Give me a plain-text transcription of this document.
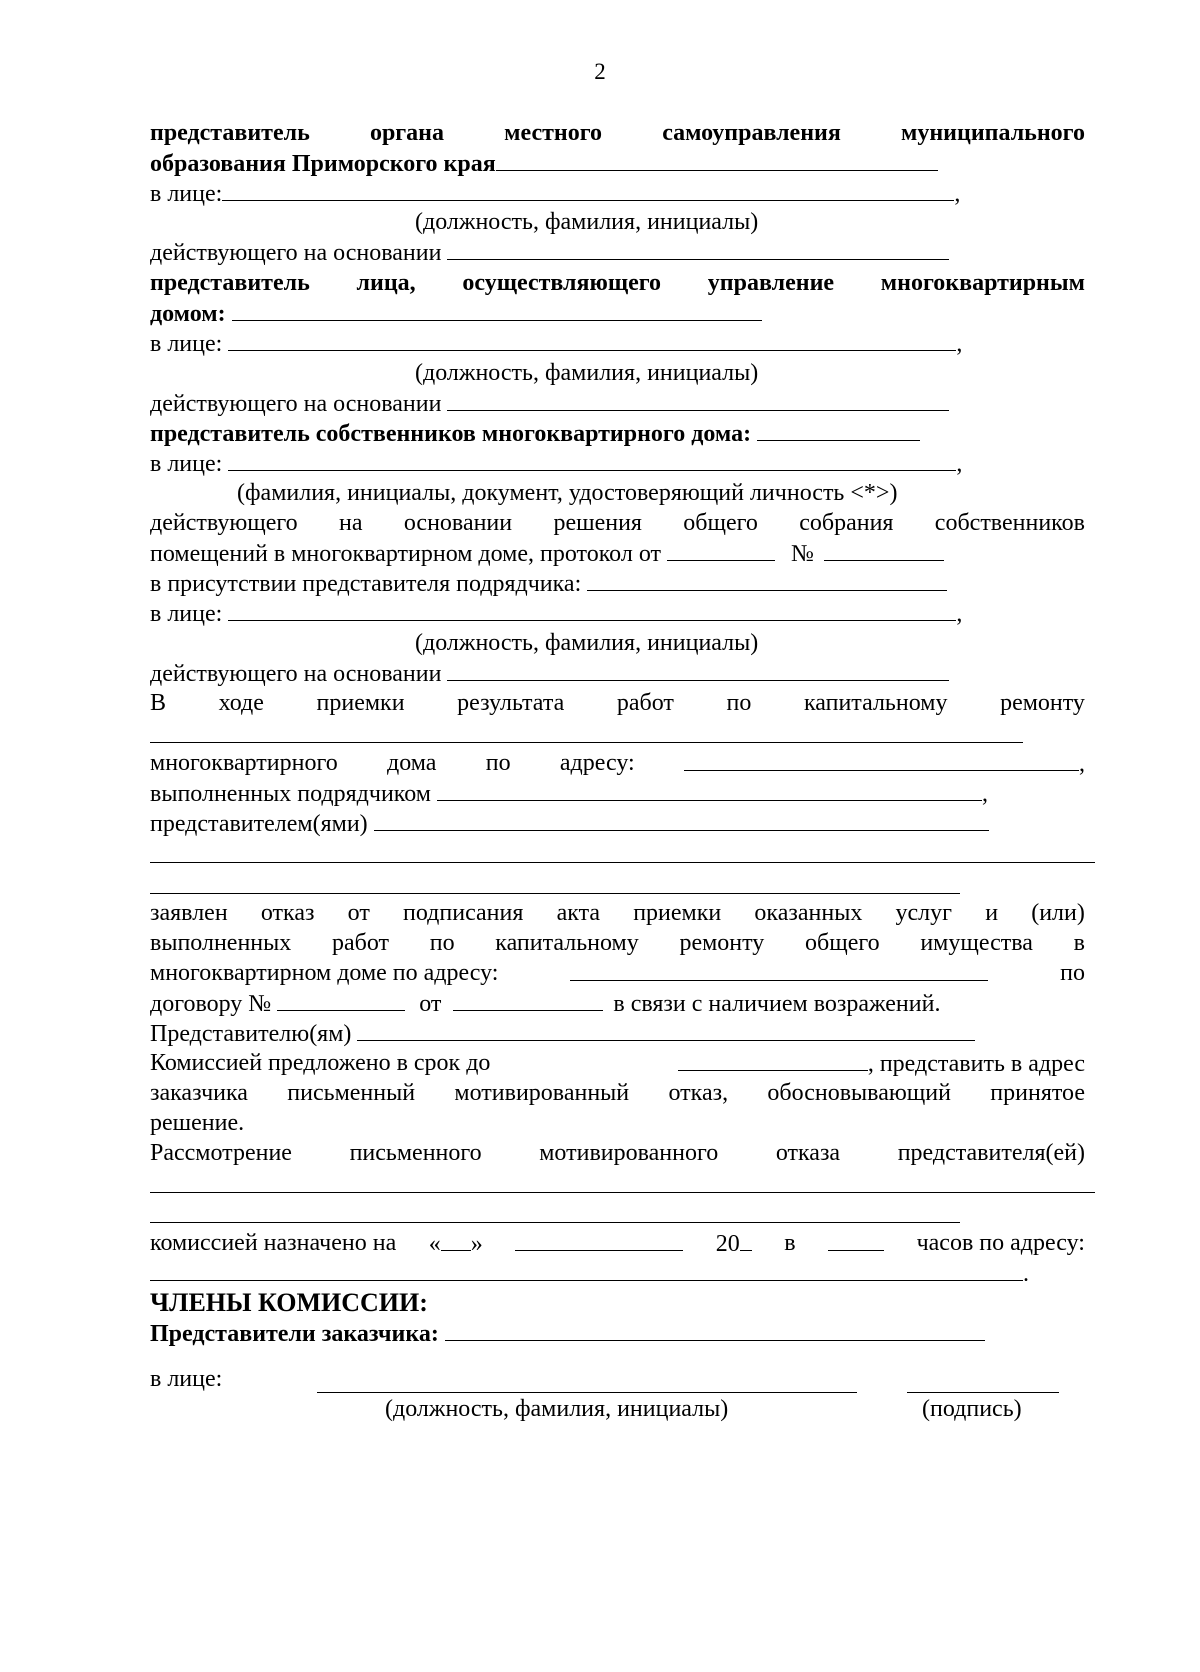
2
представитель	органа	местного	самоуправления	муниципального
образования Приморского края
в лице:	,
(должность, фамилия, инициалы)
действующего на основании
представитель лица, осуществляющего управление многоквартирным
домом:
в лице:	,
(должность, фамилия, инициалы)
действующего на основании
представитель собственников многоквартирного дома:
в лице:	,
(фамилия, инициалы, документ, удостоверяющий личность <*>)
действующего на основании решения общего собрания собственников
помещений в многоквартирном доме, протокол от	№
в присутствии представителя подрядчика:
в лице:	,
(должность, фамилия, инициалы)
действующего на основании
В ходе приемки результата работ по капитальному ремонту
многоквартирного дома по адресу:	,
выполненных подрядчиком	,
представителем(ями)
заявлен отказ от подписания акта приемки оказанных услуг и (или)
выполненных работ по капитальному ремонту общего имущества в
многоквартирном доме по адресу:	по
договору №	от	в связи с наличием возражений.
Представителю(ям)
Комиссией предложено в срок до	, представить в адрес
заказчика письменный мотивированный отказ, обосновывающий принятое
решение.
Рассмотрение письменного мотивированного отказа представителя(ей)
комиссией назначено на « »	20	в	часов по адресу:
.
ЧЛЕНЫ КОМИССИИ:
Представители заказчика:
в лице:
(должность, фамилия, инициалы)	(подпись)
